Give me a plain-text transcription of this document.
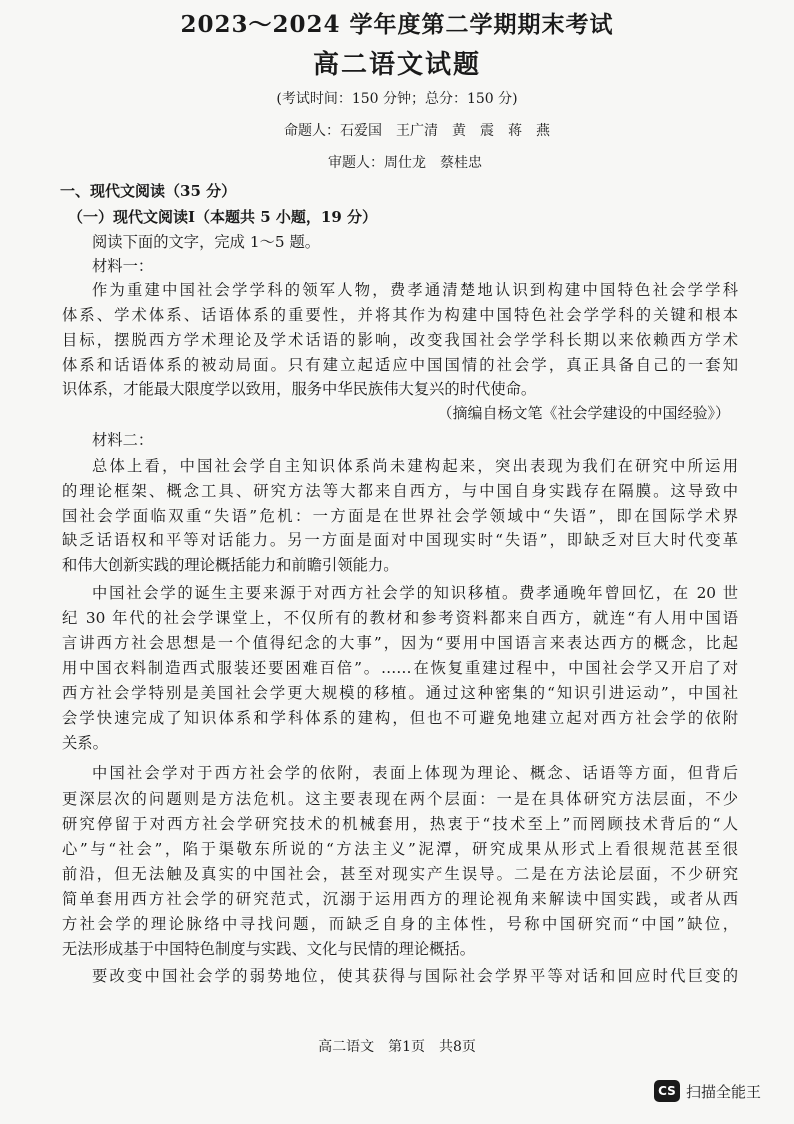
2023～2024 学年度第二学期期末考试
高二语文试题
(考试时间：150 分钟；总分：150 分)
命题人：石爱国　王广清　黄　震　蒋　燕
审题人：周仕龙　蔡桂忠
一、现代文阅读（35 分）
（一）现代文阅读Ⅰ（本题共 5 小题，19 分）
阅读下面的文字，完成 1～5 题。
材料一：
作为重建中国社会学学科的领军人物，费孝通清楚地认识到构建中国特色社会学学科
体系、学术体系、话语体系的重要性，并将其作为构建中国特色社会学学科的关键和根本
目标，摆脱西方学术理论及学术话语的影响，改变我国社会学学科长期以来依赖西方学术
体系和话语体系的被动局面。只有建立起适应中国国情的社会学，真正具备自己的一套知
识体系，才能最大限度学以致用，服务中华民族伟大复兴的时代使命。
（摘编自杨文笔《社会学建设的中国经验》）
材料二：
总体上看，中国社会学自主知识体系尚未建构起来，突出表现为我们在研究中所运用
的理论框架、概念工具、研究方法等大都来自西方，与中国自身实践存在隔膜。这导致中
国社会学面临双重“失语”危机：一方面是在世界社会学领域中“失语”，即在国际学术界
缺乏话语权和平等对话能力。另一方面是面对中国现实时“失语”，即缺乏对巨大时代变革
和伟大创新实践的理论概括能力和前瞻引领能力。
中国社会学的诞生主要来源于对西方社会学的知识移植。费孝通晚年曾回忆，在 20 世
纪 30 年代的社会学课堂上，不仅所有的教材和参考资料都来自西方，就连“有人用中国语
言讲西方社会思想是一个值得纪念的大事”，因为“要用中国语言来表达西方的概念，比起
用中国衣料制造西式服装还要困难百倍”。……在恢复重建过程中，中国社会学又开启了对
西方社会学特别是美国社会学更大规模的移植。通过这种密集的“知识引进运动”，中国社
会学快速完成了知识体系和学科体系的建构，但也不可避免地建立起对西方社会学的依附
关系。
中国社会学对于西方社会学的依附，表面上体现为理论、概念、话语等方面，但背后
更深层次的问题则是方法危机。这主要表现在两个层面：一是在具体研究方法层面，不少
研究停留于对西方社会学研究技术的机械套用，热衷于“技术至上”而罔顾技术背后的“人
心”与“社会”，陷于渠敬东所说的“方法主义”泥潭，研究成果从形式上看很规范甚至很
前沿，但无法触及真实的中国社会，甚至对现实产生误导。二是在方法论层面，不少研究
简单套用西方社会学的研究范式，沉溺于运用西方的理论视角来解读中国实践，或者从西
方社会学的理论脉络中寻找问题，而缺乏自身的主体性，号称中国研究而“中国”缺位，
无法形成基于中国特色制度与实践、文化与民情的理论概括。
要改变中国社会学的弱势地位，使其获得与国际社会学界平等对话和回应时代巨变的
高二语文　第1页　共8页
CS 扫描全能王
